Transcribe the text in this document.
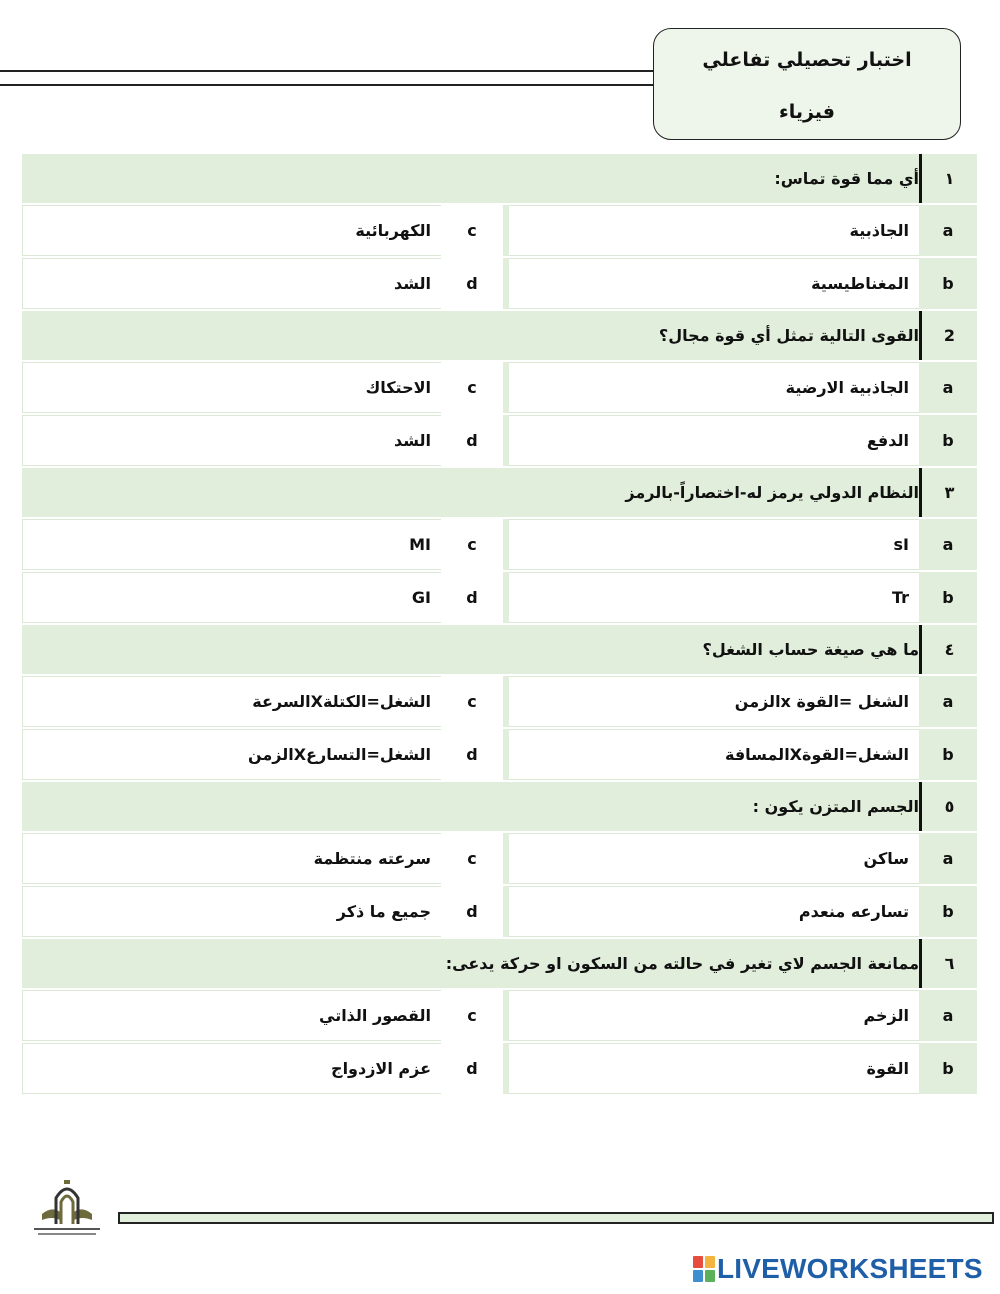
اختبار تحصيلي تفاعلي
فيزياء
١	أي مما قوة تماس:			
a	الجاذبية		c	الكهربائية
b	المغناطيسية		d	الشد
2	القوى التالية تمثل أي قوة مجال؟			
a	الجاذبية الارضية		c	الاحتكاك
b	الدفع		d	الشد
٣	النظام الدولي يرمز له-اختصاراً-بالرمز			
a	sI		c	MI
b	Tr		d	GI
٤	ما هي صيغة حساب الشغل؟			
a	الشغل =القوة xالزمن		c	الشغل=الكتلةXالسرعة
b	الشغل=القوةXالمسافة		d	الشغل=التسارعXالزمن
٥	الجسم المتزن يكون :			
a	ساكن		c	سرعته منتظمة
b	تسارعه منعدم		d	جميع ما ذكر
٦	ممانعة الجسم لاي تغير في حالته من السكون او حركة يدعى:			
a	الزخم		c	القصور الذاتي
b	القوة		d	عزم الازدواج
LIVEWORKSHEETS
